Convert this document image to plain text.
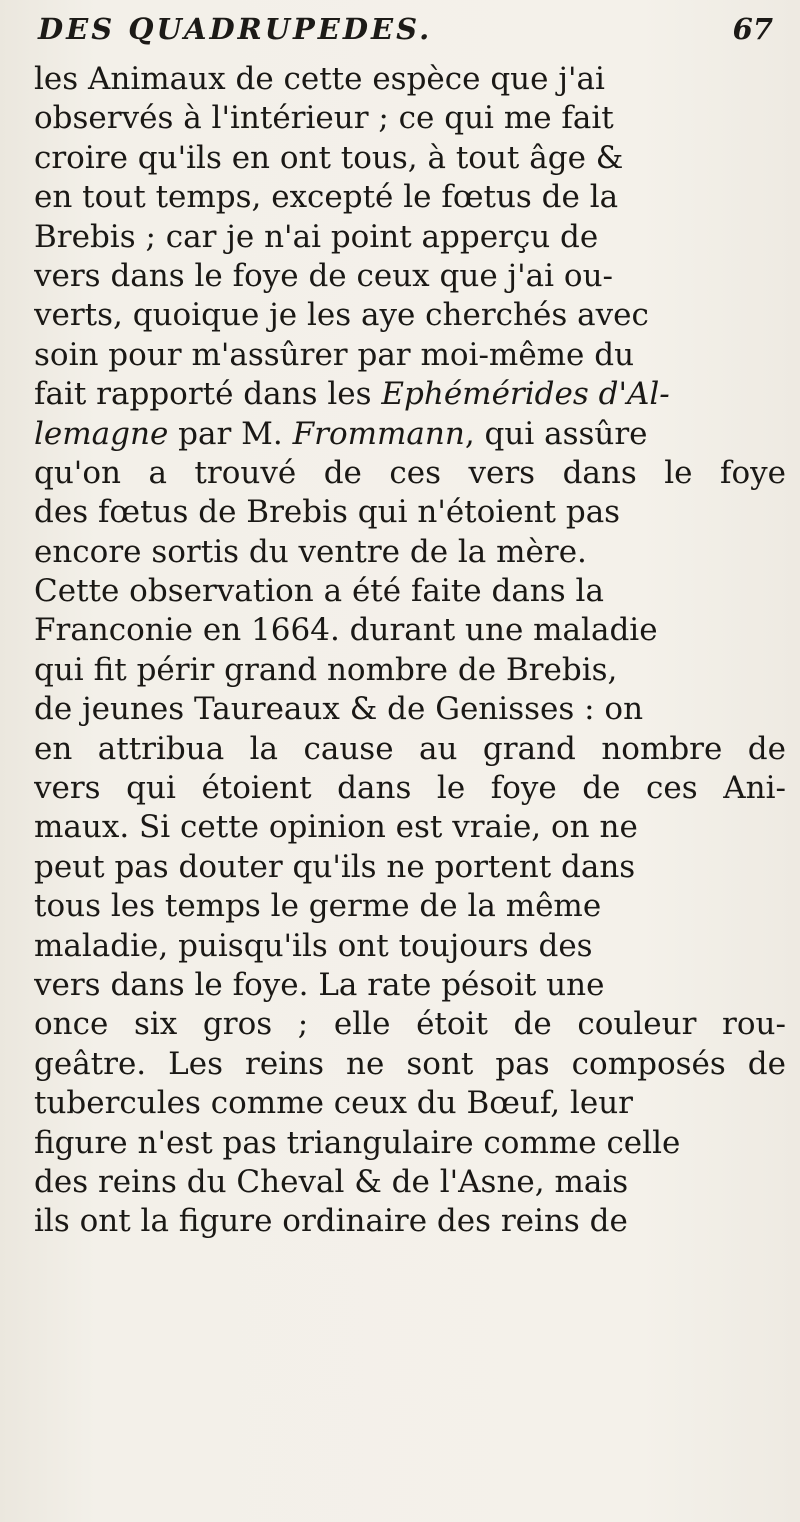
DES QUADRUPEDES.	67
les Animaux de cette espèce que j'ai
observés à l'intérieur ; ce qui me fait
croire qu'ils en ont tous, à tout âge &
en tout temps, excepté le fœtus de la
Brebis ; car je n'ai point apperçu de
vers dans le foye de ceux que j'ai ou-
verts, quoique je les aye cherchés avec
soin pour m'assûrer par moi-même du
fait rapporté dans les Ephémérides d'Al-
lemagne par M. Frommann, qui assûre
qu'on a trouvé de ces vers dans le foye
des fœtus de Brebis qui n'étoient pas
encore sortis du ventre de la mère.
Cette observation a été faite dans la
Franconie en 1664. durant une maladie
qui fit périr grand nombre de Brebis,
de jeunes Taureaux & de Genisses : on
en attribua la cause au grand nombre de
vers qui étoient dans le foye de ces Ani-
maux. Si cette opinion est vraie, on ne
peut pas douter qu'ils ne portent dans
tous les temps le germe de la même
maladie, puisqu'ils ont toujours des
vers dans le foye. La rate pésoit une
once six gros ; elle étoit de couleur rou-
geâtre. Les reins ne sont pas composés de
tubercules comme ceux du Bœuf, leur
figure n'est pas triangulaire comme celle
des reins du Cheval & de l'Asne, mais
ils ont la figure ordinaire des reins de
